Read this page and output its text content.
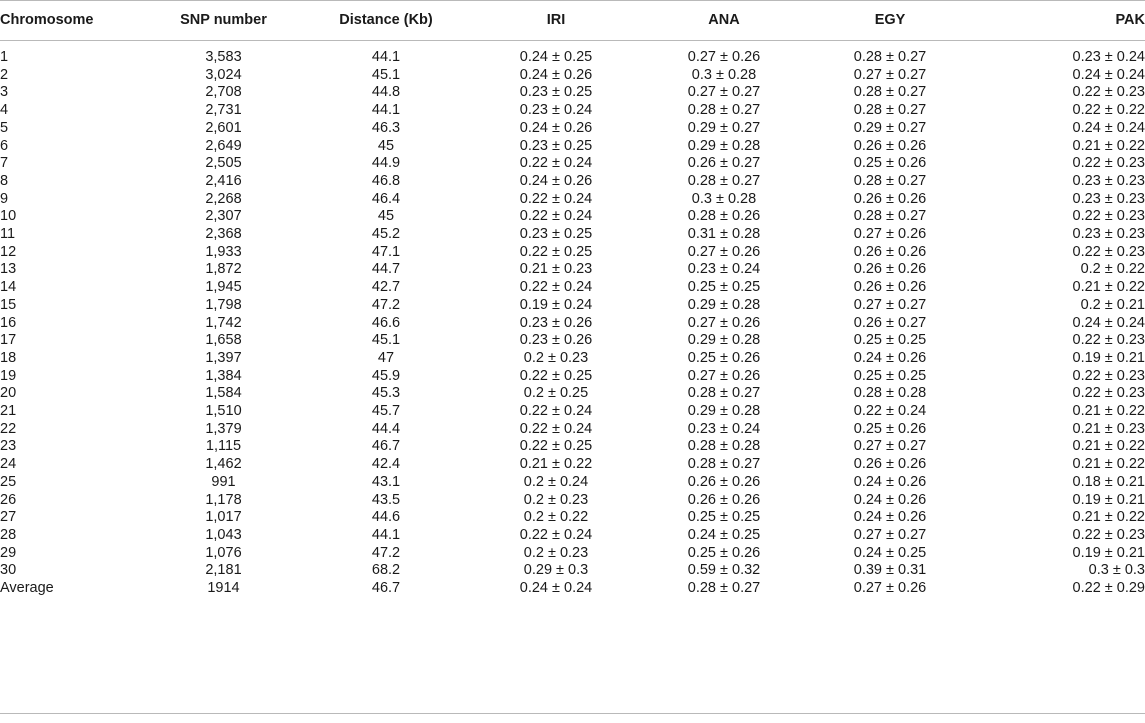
Chromosome	SNP number	Distance (Kb)	IRI	ANA	EGY	PAK
1	3,583	44.1	0.24 ± 0.25	0.27 ± 0.26	0.28 ± 0.27	0.23 ± 0.24
2	3,024	45.1	0.24 ± 0.26	0.3 ± 0.28	0.27 ± 0.27	0.24 ± 0.24
3	2,708	44.8	0.23 ± 0.25	0.27 ± 0.27	0.28 ± 0.27	0.22 ± 0.23
4	2,731	44.1	0.23 ± 0.24	0.28 ± 0.27	0.28 ± 0.27	0.22 ± 0.22
5	2,601	46.3	0.24 ± 0.26	0.29 ± 0.27	0.29 ± 0.27	0.24 ± 0.24
6	2,649	45	0.23 ± 0.25	0.29 ± 0.28	0.26 ± 0.26	0.21 ± 0.22
7	2,505	44.9	0.22 ± 0.24	0.26 ± 0.27	0.25 ± 0.26	0.22 ± 0.23
8	2,416	46.8	0.24 ± 0.26	0.28 ± 0.27	0.28 ± 0.27	0.23 ± 0.23
9	2,268	46.4	0.22 ± 0.24	0.3 ± 0.28	0.26 ± 0.26	0.23 ± 0.23
10	2,307	45	0.22 ± 0.24	0.28 ± 0.26	0.28 ± 0.27	0.22 ± 0.23
11	2,368	45.2	0.23 ± 0.25	0.31 ± 0.28	0.27 ± 0.26	0.23 ± 0.23
12	1,933	47.1	0.22 ± 0.25	0.27 ± 0.26	0.26 ± 0.26	0.22 ± 0.23
13	1,872	44.7	0.21 ± 0.23	0.23 ± 0.24	0.26 ± 0.26	0.2 ± 0.22
14	1,945	42.7	0.22 ± 0.24	0.25 ± 0.25	0.26 ± 0.26	0.21 ± 0.22
15	1,798	47.2	0.19 ± 0.24	0.29 ± 0.28	0.27 ± 0.27	0.2 ± 0.21
16	1,742	46.6	0.23 ± 0.26	0.27 ± 0.26	0.26 ± 0.27	0.24 ± 0.24
17	1,658	45.1	0.23 ± 0.26	0.29 ± 0.28	0.25 ± 0.25	0.22 ± 0.23
18	1,397	47	0.2 ± 0.23	0.25 ± 0.26	0.24 ± 0.26	0.19 ± 0.21
19	1,384	45.9	0.22 ± 0.25	0.27 ± 0.26	0.25 ± 0.25	0.22 ± 0.23
20	1,584	45.3	0.2 ± 0.25	0.28 ± 0.27	0.28 ± 0.28	0.22 ± 0.23
21	1,510	45.7	0.22 ± 0.24	0.29 ± 0.28	0.22 ± 0.24	0.21 ± 0.22
22	1,379	44.4	0.22 ± 0.24	0.23 ± 0.24	0.25 ± 0.26	0.21 ± 0.23
23	1,115	46.7	0.22 ± 0.25	0.28 ± 0.28	0.27 ± 0.27	0.21 ± 0.22
24	1,462	42.4	0.21 ± 0.22	0.28 ± 0.27	0.26 ± 0.26	0.21 ± 0.22
25	991	43.1	0.2 ± 0.24	0.26 ± 0.26	0.24 ± 0.26	0.18 ± 0.21
26	1,178	43.5	0.2 ± 0.23	0.26 ± 0.26	0.24 ± 0.26	0.19 ± 0.21
27	1,017	44.6	0.2 ± 0.22	0.25 ± 0.25	0.24 ± 0.26	0.21 ± 0.22
28	1,043	44.1	0.22 ± 0.24	0.24 ± 0.25	0.27 ± 0.27	0.22 ± 0.23
29	1,076	47.2	0.2 ± 0.23	0.25 ± 0.26	0.24 ± 0.25	0.19 ± 0.21
30	2,181	68.2	0.29 ± 0.3	0.59 ± 0.32	0.39 ± 0.31	0.3 ± 0.3
Average	1914	46.7	0.24 ± 0.24	0.28 ± 0.27	0.27 ± 0.26	0.22 ± 0.29
